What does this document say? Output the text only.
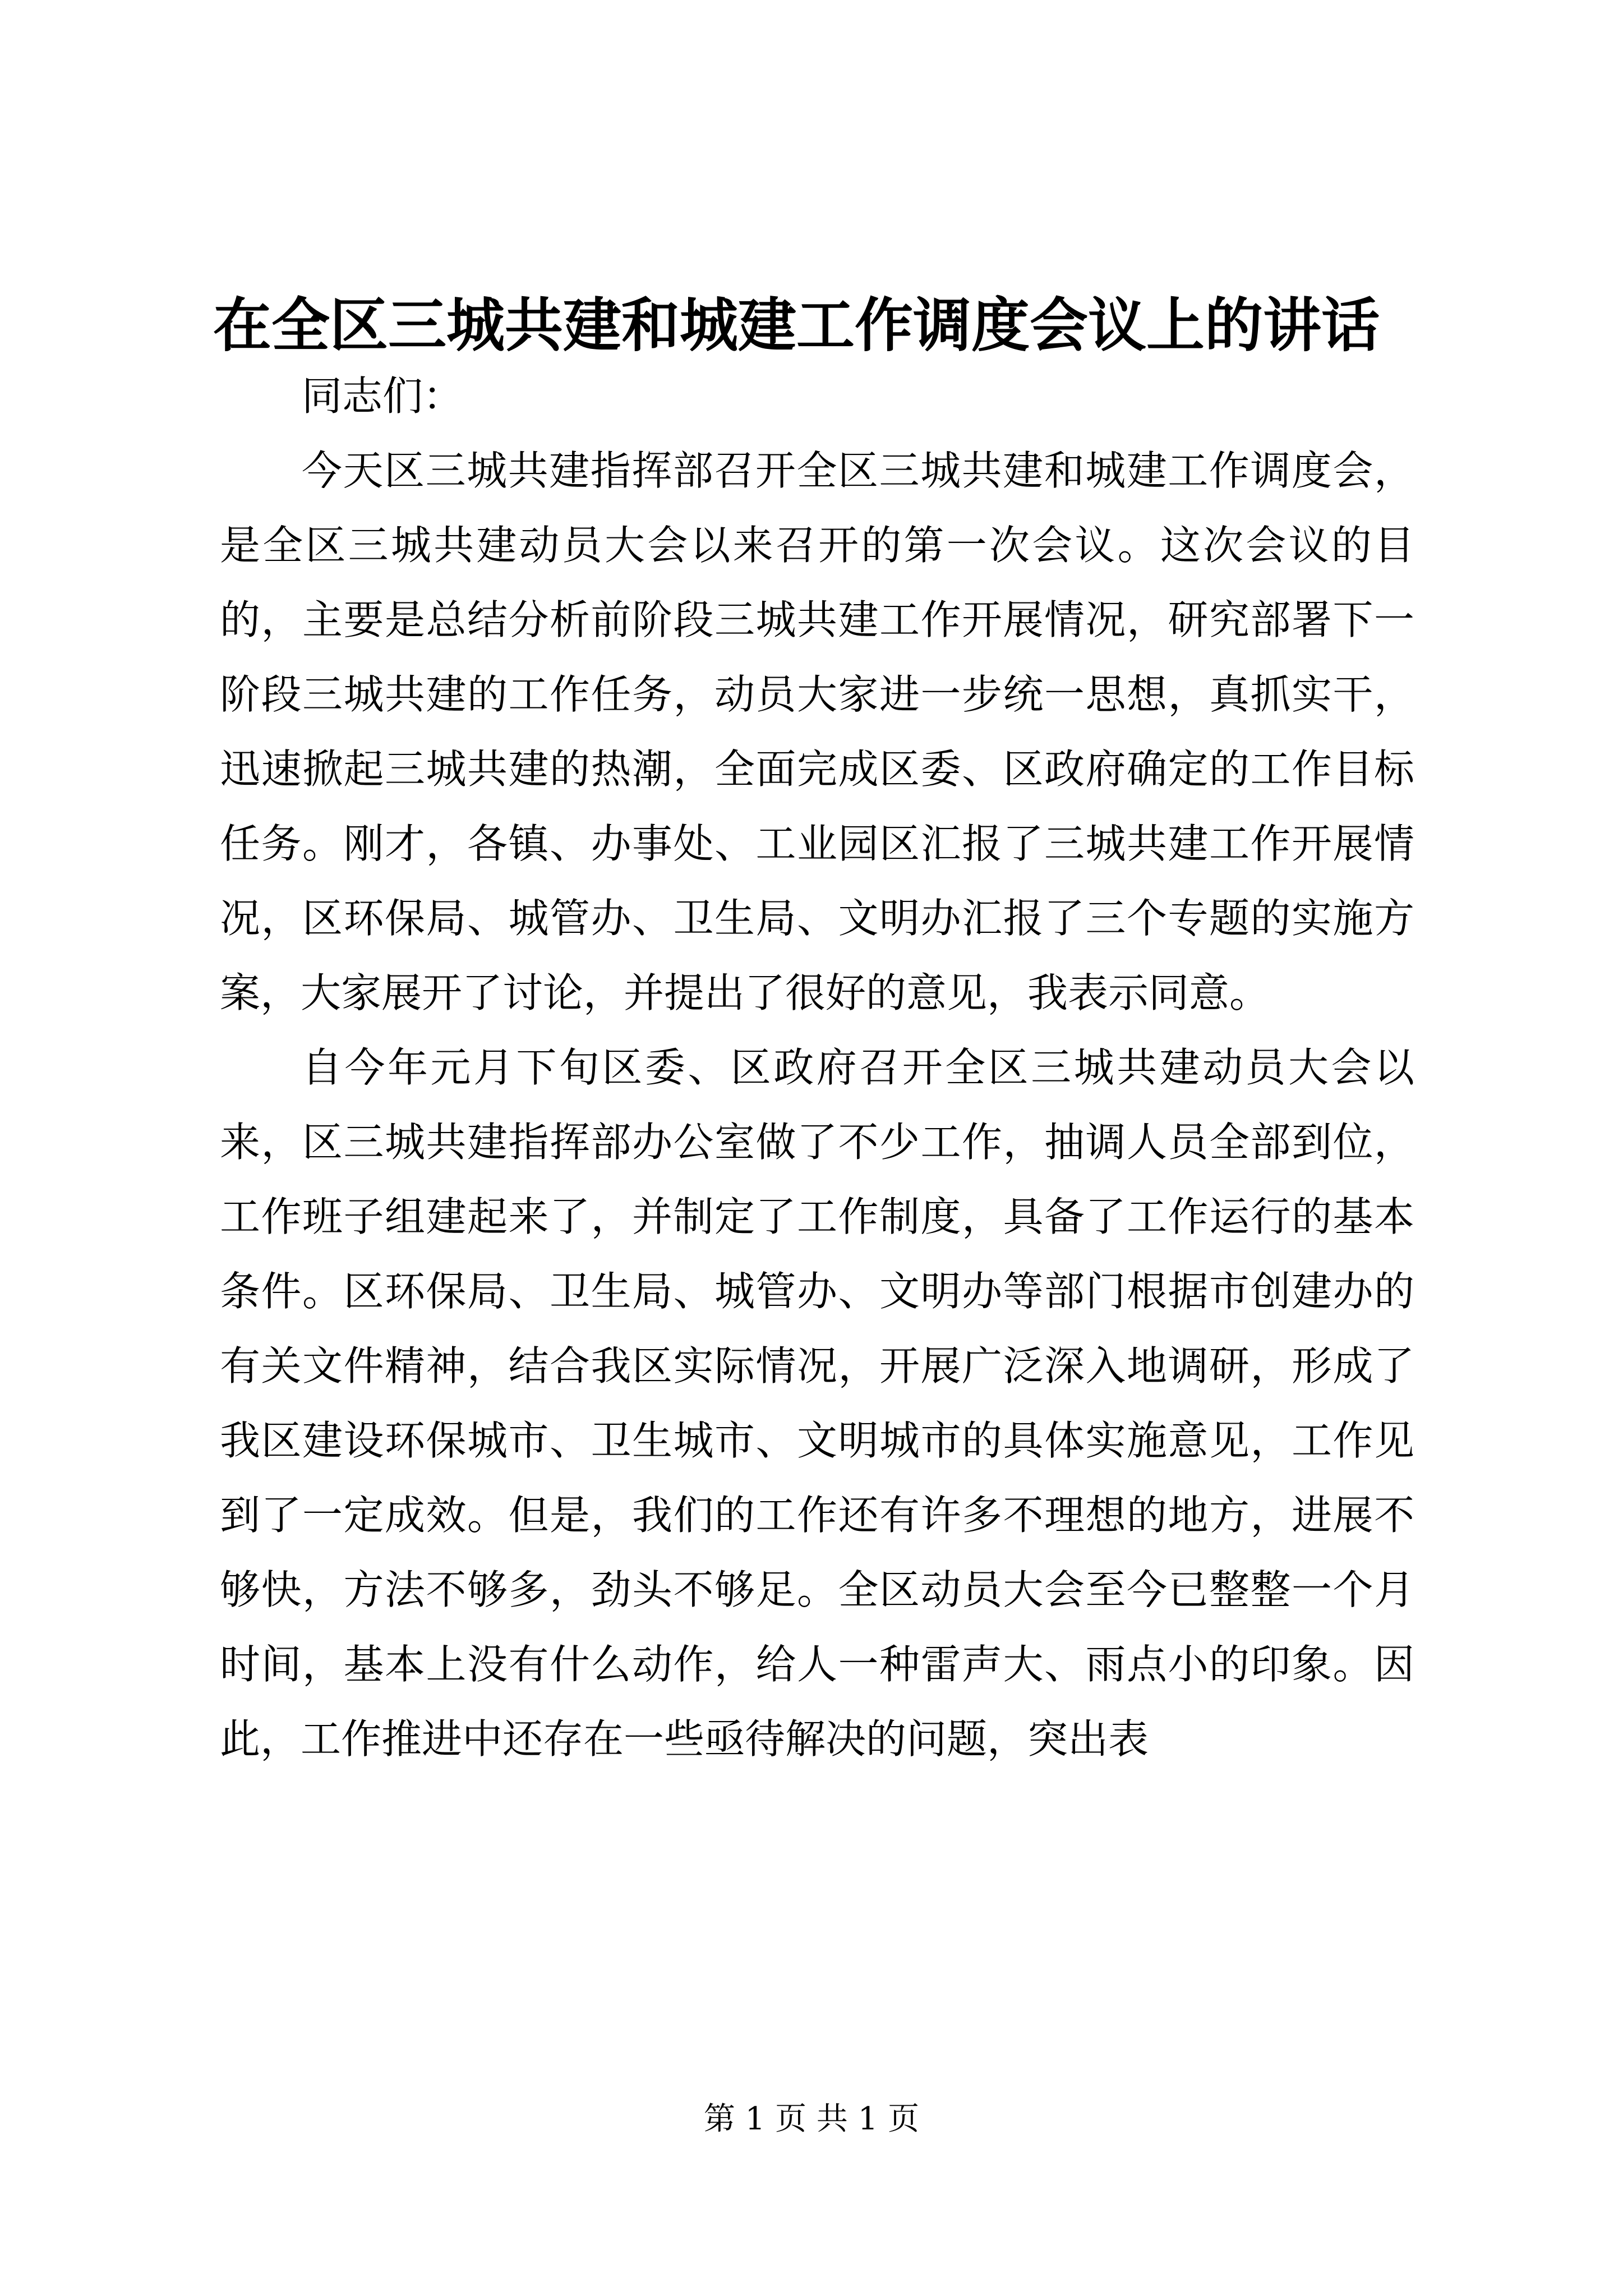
在全区三城共建和城建工作调度会议上的讲话

同志们：

今天区三城共建指挥部召开全区三城共建和城建工作调度会，是全区三城共建动员大会以来召开的第一次会议。这次会议的目的，主要是总结分析前阶段三城共建工作开展情况，研究部署下一阶段三城共建的工作任务，动员大家进一步统一思想，真抓实干，迅速掀起三城共建的热潮，全面完成区委、区政府确定的工作目标任务。刚才，各镇、办事处、工业园区汇报了三城共建工作开展情况，区环保局、城管办、卫生局、文明办汇报了三个专题的实施方案，大家展开了讨论，并提出了很好的意见，我表示同意。

自今年元月下旬区委、区政府召开全区三城共建动员大会以来，区三城共建指挥部办公室做了不少工作，抽调人员全部到位，工作班子组建起来了，并制定了工作制度，具备了工作运行的基本条件。区环保局、卫生局、城管办、文明办等部门根据市创建办的有关文件精神，结合我区实际情况，开展广泛深入地调研，形成了我区建设环保城市、卫生城市、文明城市的具体实施意见，工作见到了一定成效。但是，我们的工作还有许多不理想的地方，进展不够快，方法不够多，劲头不够足。全区动员大会至今已整整一个月时间，基本上没有什么动作，给人一种雷声大、雨点小的印象。因此，工作推进中还存在一些亟待解决的问题，突出表

第 1 页 共 1 页
